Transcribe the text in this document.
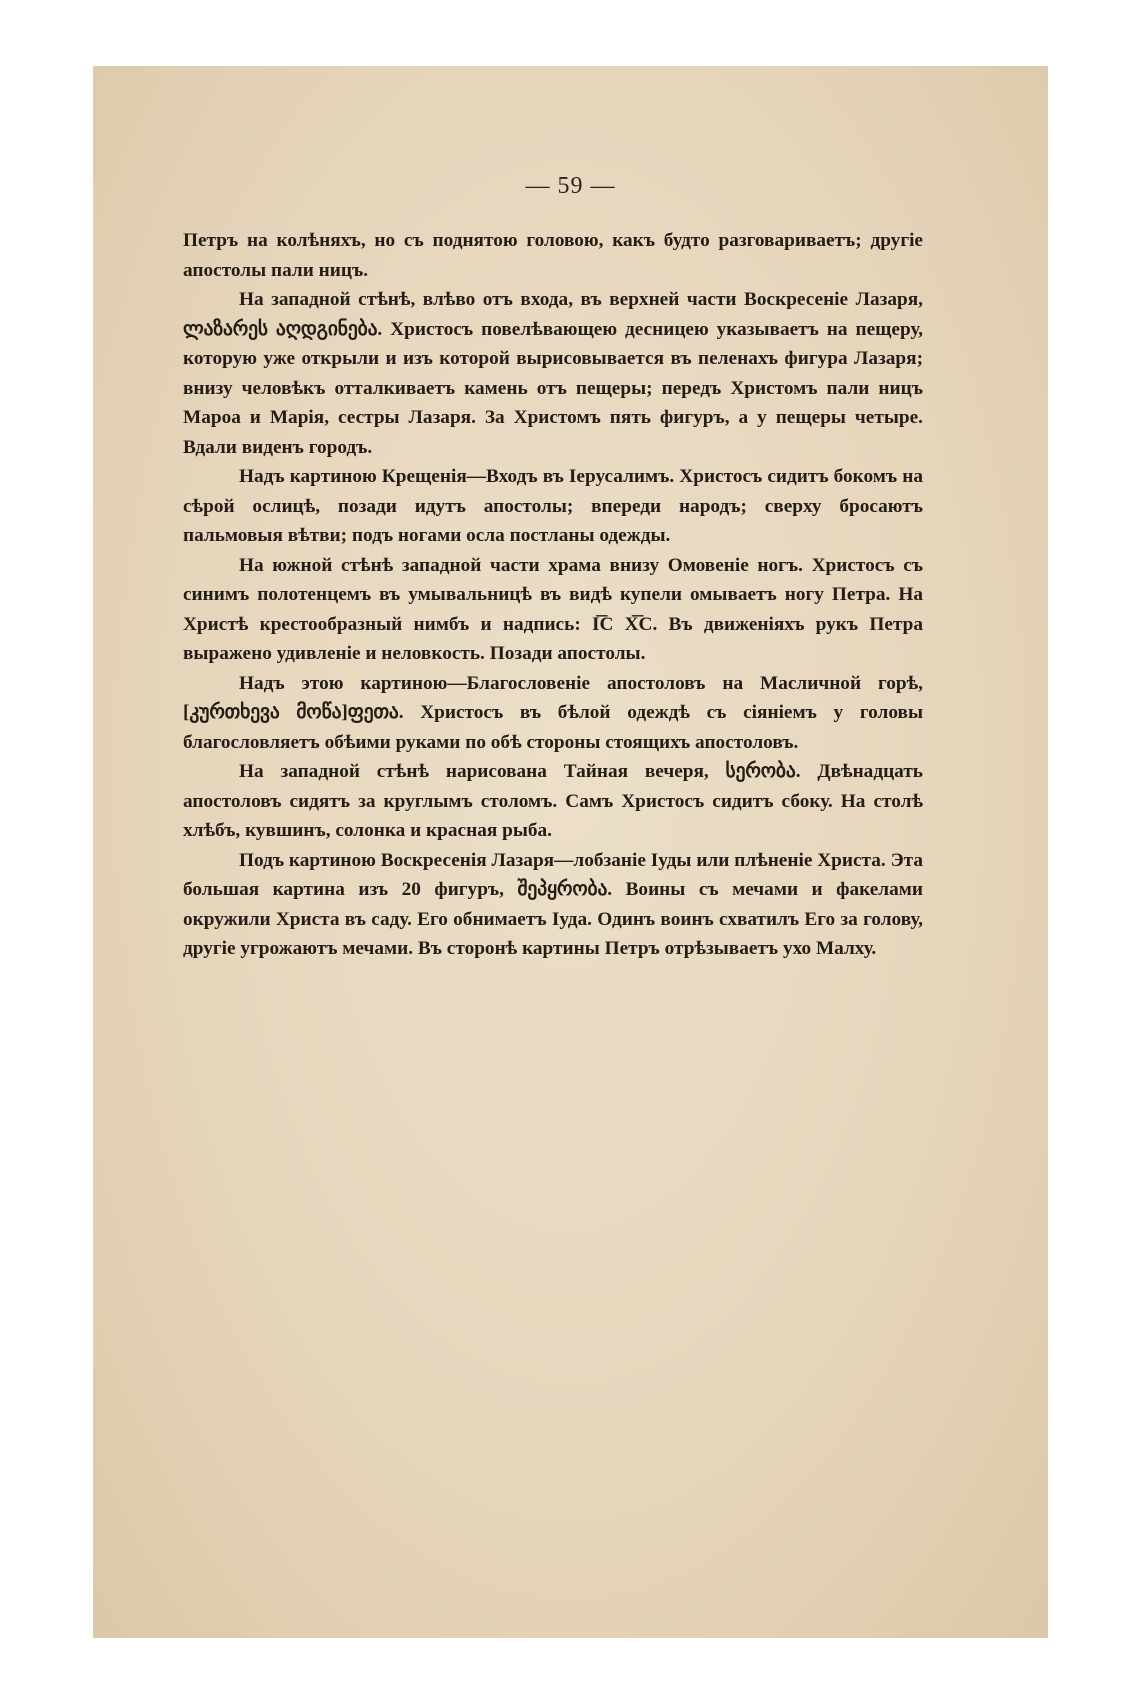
— 59 —

Петръ на колѣняхъ, но съ поднятою головою, какъ будто разговариваетъ; другіе апостолы пали ницъ.

На западной стѣнѣ, влѣво отъ входа, въ верхней части Воскресеніе Лазаря, ლაზარეს აღდგინება. Христосъ повелѣвающею десницею указываетъ на пещеру, которую уже открыли и изъ которой вырисовывается въ пеленахъ фигура Лазаря; внизу человѣкъ отталкиваетъ камень отъ пещеры; передъ Христомъ пали ницъ Мароа и Марія, сестры Лазаря. За Христомъ пять фигуръ, а у пещеры четыре. Вдали виденъ городъ.

Надъ картиною Крещенія—Входъ въ Іерусалимъ. Христосъ сидитъ бокомъ на сѣрой ослицѣ, позади идутъ апостолы; впереди народъ; сверху бросаютъ пальмовыя вѣтви; подъ ногами осла постланы одежды.

На южной стѣнѣ западной части храма внизу Омовеніе ногъ. Христосъ съ синимъ полотенцемъ въ умывальницѣ въ видѣ купели омываетъ ногу Петра. На Христѣ крестообразный нимбъ и надпись: I͞C X͞C. Въ движеніяхъ рукъ Петра выражено удивленіе и неловкость. Позади апостолы.

Надъ этою картиною—Благословеніе апостоловъ на Масличной горѣ, [კურთხევა მოწა]ფეთა. Христосъ въ бѣлой одеждѣ съ сіяніемъ у головы благословляетъ обѣими руками по обѣ стороны стоящихъ апостоловъ.

На западной стѣнѣ нарисована Тайная вечеря, სერობა. Двѣнадцать апостоловъ сидятъ за круглымъ столомъ. Самъ Христосъ сидитъ сбоку. На столѣ хлѣбъ, кувшинъ, солонка и красная рыба.

Подъ картиною Воскресенія Лазаря—лобзаніе Іуды или плѣненіе Христа. Эта большая картина изъ 20 фигуръ, შეპყრობა. Воины съ мечами и факелами окружили Христа въ саду. Его обнимаетъ Іуда. Одинъ воинъ схватилъ Его за голову, другіе угрожаютъ мечами. Въ сторонѣ картины Петръ отрѣзываетъ ухо Малху.
